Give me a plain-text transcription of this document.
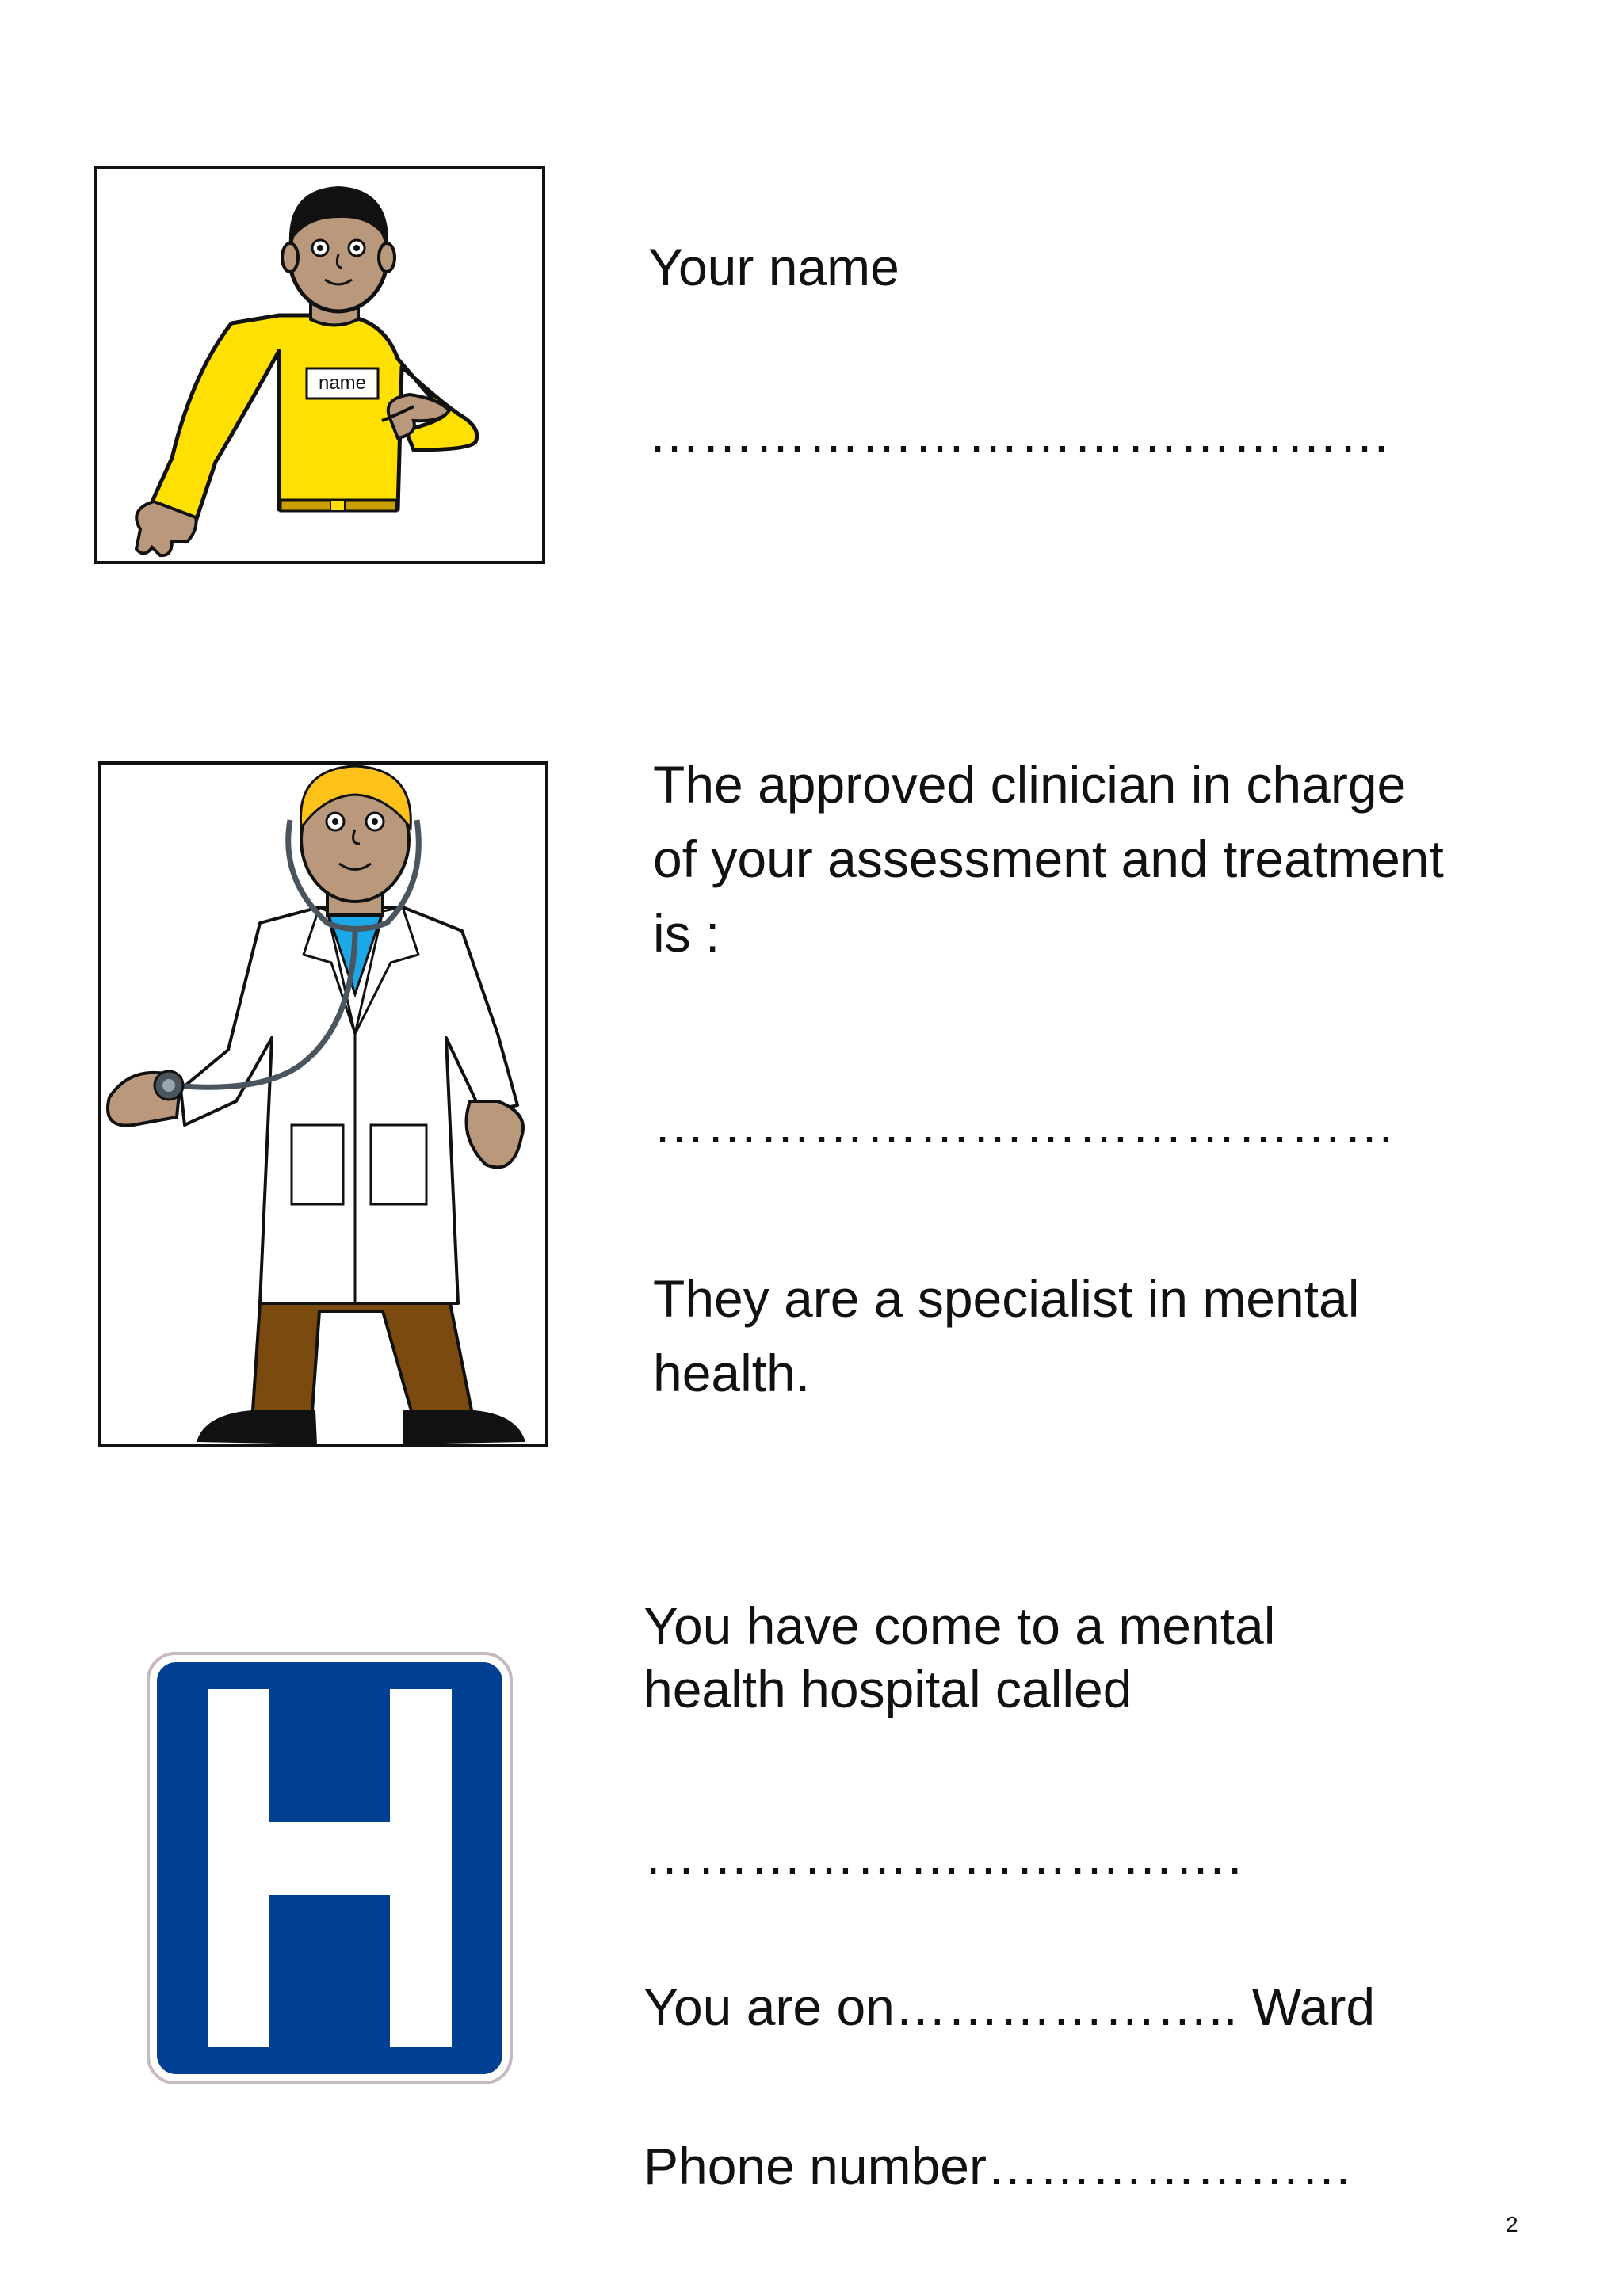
name

Your name

……………………………………

The approved clinician in charge

of your assessment and treatment

is :

……………………………………

They are a specialist in mental

health.

You have come to a mental

health hospital called

…………………………….

You are on……………….. Ward

Phone number…………………

2
